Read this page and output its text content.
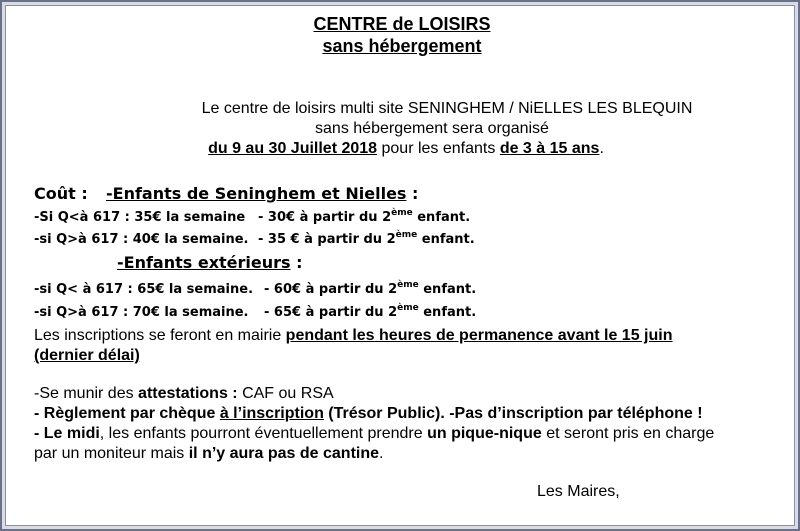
CENTRE de LOISIRS
sans hébergement
Le centre de loisirs multi site SENINGHEM / NiELLES LES BLEQUIN
sans hébergement sera organisé
du 9 au 30 Juillet 2018 pour les enfants de 3 à 15 ans.
Coût : -Enfants de Seninghem et Nielles :
-Si Q<à 617 : 35€ la semaine - 30€ à partir du 2ème enfant.
-si Q>à 617 : 40€ la semaine. - 35 € à partir du 2ème enfant.
-Enfants extérieurs :
-si Q< à 617 : 65€ la semaine. - 60€ à partir du 2ème enfant.
-si Q>à 617 : 70€ la semaine. - 65€ à partir du 2ème enfant.
Les inscriptions se feront en mairie pendant les heures de permanence avant le 15 juin
(dernier délai)
-Se munir des attestations : CAF ou RSA
- Règlement par chèque à l’inscription (Trésor Public). -Pas d’inscription par téléphone !
- Le midi, les enfants pourront éventuellement prendre un pique-nique et seront pris en charge
par un moniteur mais il n’y aura pas de cantine.
Les Maires,
